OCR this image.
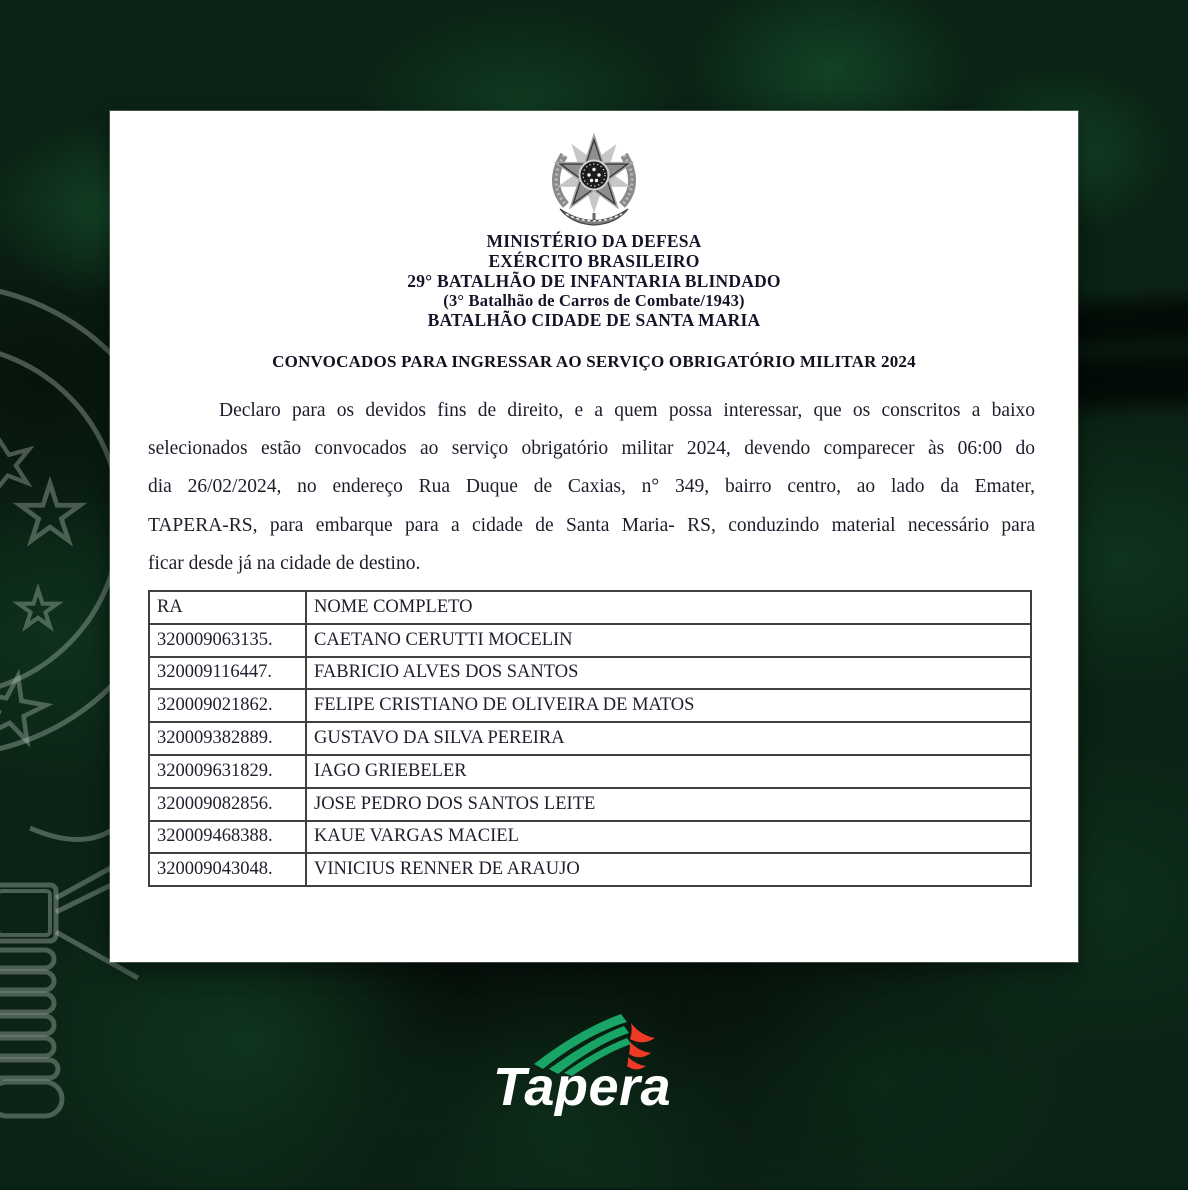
MINISTÉRIO DA DEFESA
EXÉRCITO BRASILEIRO
29° BATALHÃO DE INFANTARIA BLINDADO
(3° Batalhão de Carros de Combate/1943)
BATALHÃO CIDADE DE SANTA MARIA
CONVOCADOS PARA INGRESSAR AO SERVIÇO OBRIGATÓRIO MILITAR 2024
Declaro para os devidos fins de direito, e a quem possa interessar, que os conscritos a baixo
selecionados estão convocados ao serviço obrigatório militar 2024, devendo comparecer às 06:00 do
dia 26/02/2024, no endereço Rua Duque de Caxias, n° 349, bairro centro, ao lado da Emater,
TAPERA-RS, para embarque para a cidade de Santa Maria- RS, conduzindo material necessário para
ficar desde já na cidade de destino.
RA	NOME COMPLETO
320009063135.	CAETANO CERUTTI MOCELIN
320009116447.	FABRICIO ALVES DOS SANTOS
320009021862.	FELIPE CRISTIANO DE OLIVEIRA DE MATOS
320009382889.	GUSTAVO DA SILVA PEREIRA
320009631829.	IAGO GRIEBELER
320009082856.	JOSE PEDRO DOS SANTOS LEITE
320009468388.	KAUE VARGAS MACIEL
320009043048.	VINICIUS RENNER DE ARAUJO
Tapera
